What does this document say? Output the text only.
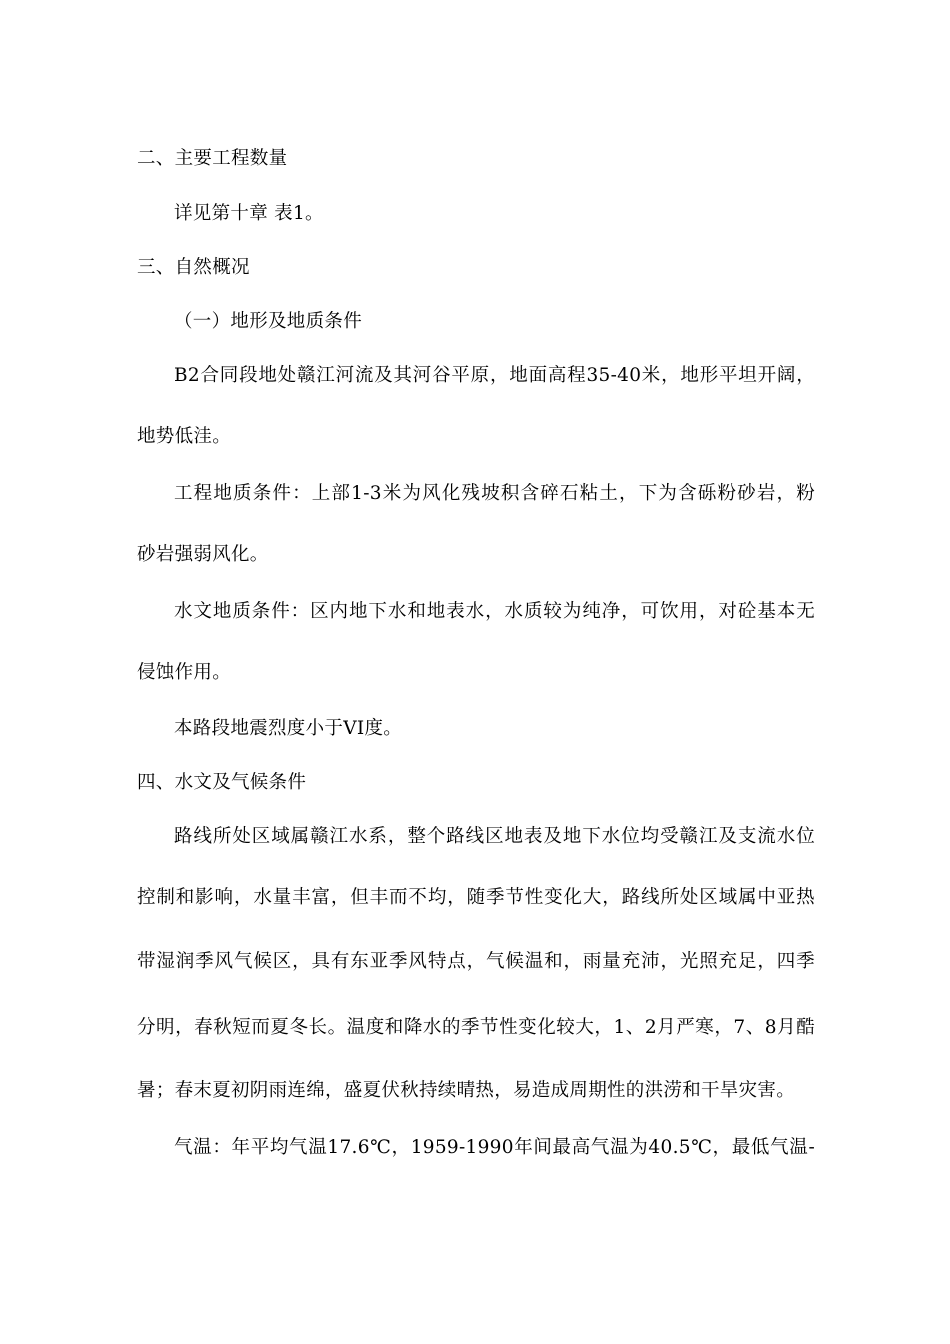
二、主要工程数量
详见第十章 表1。
三、自然概况
（一）地形及地质条件
B2合同段地处赣江河流及其河谷平原，地面高程35-40米，地形平坦开阔，
地势低洼。
工程地质条件：上部1-3米为风化残坡积含碎石粘土，下为含砾粉砂岩，粉
砂岩强弱风化。
水文地质条件：区内地下水和地表水，水质较为纯净，可饮用，对砼基本无
侵蚀作用。
本路段地震烈度小于VI度。
四、水文及气候条件
路线所处区域属赣江水系，整个路线区地表及地下水位均受赣江及支流水位
控制和影响，水量丰富，但丰而不均，随季节性变化大，路线所处区域属中亚热
带湿润季风气候区，具有东亚季风特点，气候温和，雨量充沛，光照充足，四季
分明，春秋短而夏冬长。温度和降水的季节性变化较大，1、2月严寒，7、8月酷
暑；春末夏初阴雨连绵，盛夏伏秋持续晴热，易造成周期性的洪涝和干旱灾害。
气温：年平均气温17.6℃，1959-1990年间最高气温为40.5℃，最低气温-
